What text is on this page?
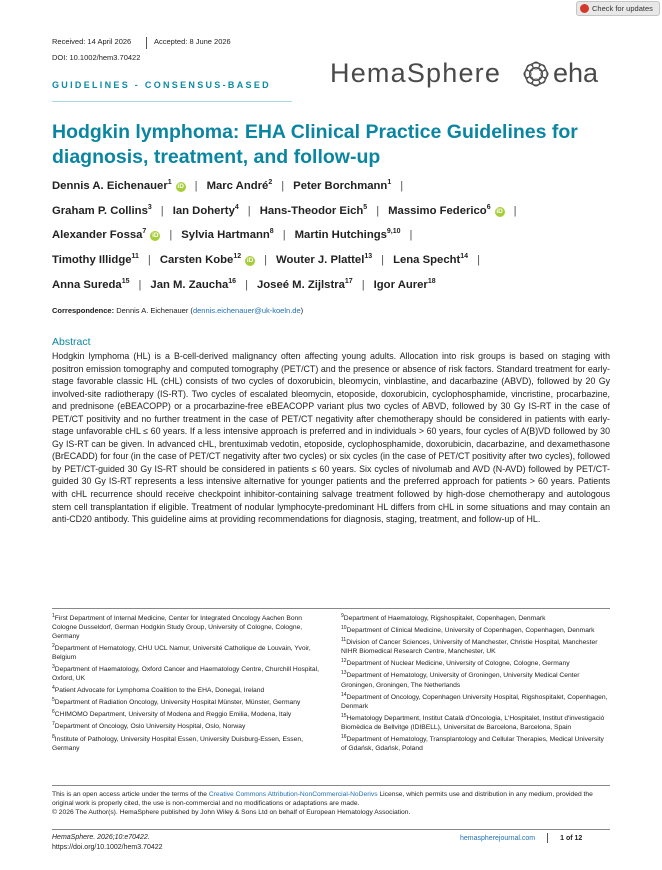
Check for updates
Received: 14 April 2026	Accepted: 8 June 2026
DOI: 10.1002/hem3.70422
GUIDELINES - CONSENSUS-BASED HemaSphere eha
Hodgkin lymphoma: EHA Clinical Practice Guidelines for diagnosis, treatment, and follow-up
Dennis A. Eichenauer$^1$iD | Marc André$^2$ | Peter Borchmann$^1$ |
Graham P. Collins$^3$ | Ian Doherty$^4$ | Hans-Theodor Eich$^5$ | Massimo Federico$^6$iD |
Alexander Fossa$^7$iD | Sylvia Hartmann$^8$ | Martin Hutchings$^{9,10}$ |
Timothy Illidge$^{11}$ | Carsten Kobe$^{12}$iD | Wouter J. Plattel$^{13}$ | Lena Specht$^{14}$ |
Anna Sureda$^{15}$ | Jan M. Zaucha$^{16}$ | Joseé M. Zijlstra$^{17}$ | Igor Aurer$^{18}$
Correspondence: Dennis A. Eichenauer (dennis.eichenauer@uk-koeln.de)
Abstract

Hodgkin lymphoma (HL) is a B-cell-derived malignancy often affecting young adults. Allocation into risk groups is based on staging with positron emission tomography and computed tomography (PET/CT) and the presence or absence of risk factors. Standard treatment for early-stage favorable classic HL (cHL) consists of two cycles of doxorubicin, bleomycin, vinblastine, and dacarbazine (ABVD), followed by 20 Gy involved-site radiotherapy (IS-RT). Two cycles of escalated bleomycin, etoposide, doxorubicin, cyclophosphamide, vincristine, procarbazine, and prednisone (eBEACOPP) or a procarbazine-free eBEACOPP variant plus two cycles of ABVD, followed by 30 Gy IS-RT in the case of PET/CT positivity and no further treatment in the case of PET/CT negativity after chemotherapy should be considered in patients with early-stage unfavorable cHL ≤ 60 years. If a less intensive approach is preferred and in individuals > 60 years, four cycles of A(B)VD followed by 30 Gy IS-RT can be given. In advanced cHL, brentuximab vedotin, etoposide, cyclophosphamide, doxorubicin, dacarbazine, and dexamethasone (BrECADD) for four (in the case of PET/CT negativity after two cycles) or six cycles (in the case of PET/CT positivity after two cycles), followed by PET/CT-guided 30 Gy IS-RT should be considered in patients ≤ 60 years. Six cycles of nivolumab and AVD (N-AVD) followed by PET/CT-guided 30 Gy IS-RT represents a less intensive alternative for younger patients and the preferred approach for patients > 60 years. Patients with cHL recurrence should receive checkpoint inhibitor-containing salvage treatment followed by high-dose chemotherapy and autologous stem cell transplantation if eligible. Treatment of nodular lymphocyte-predominant HL differs from cHL in some situations and may contain an anti-CD20 antibody. This guideline aims at providing recommendations for diagnosis, staging, treatment, and follow-up of HL.

$^1$First Department of Internal Medicine, Center for Integrated Oncology Aachen Bonn Cologne Dusseldorf, German Hodgkin Study Group, University of Cologne, Cologne, Germany
$^2$Department of Hematology, CHU UCL Namur, Université Catholique de Louvain, Yvoir, Belgium
$^3$Department of Haematology, Oxford Cancer and Haematology Centre, Churchill Hospital, Oxford, UK
$^4$Patient Advocate for Lymphoma Coalition to the EHA, Donegal, Ireland
$^5$Department of Radiation Oncology, University Hospital Münster, Münster, Germany
$^6$CHIMOMO Department, University of Modena and Reggio Emilia, Modena, Italy
$^7$Department of Oncology, Oslo University Hospital, Oslo, Norway
$^8$Institute of Pathology, University Hospital Essen, University Duisburg-Essen, Essen, Germany
$^9$Department of Haematology, Rigshospitalet, Copenhagen, Denmark
$^{10}$Department of Clinical Medicine, University of Copenhagen, Copenhagen, Denmark
$^{11}$Division of Cancer Sciences, University of Manchester, Christie Hospital, Manchester NIHR Biomedical Research Centre, Manchester, UK
$^{12}$Department of Nuclear Medicine, University of Cologne, Cologne, Germany
$^{13}$Department of Hematology, University of Groningen, University Medical Center Groningen, Groningen, The Netherlands
$^{14}$Department of Oncology, Copenhagen University Hospital, Rigshospitalet, Copenhagen, Denmark
$^{15}$Hematology Department, Institut Català d'Oncologia, L'Hospitalet, Institut d'investigació Biomèdica de Bellvitge (IDIBELL), Universitat de Barcelona, Barcelona, Spain
$^{16}$Department of Hematology, Transplantology and Cellular Therapies, Medical University of Gdańsk, Gdańsk, Poland
This is an open access article under the terms of the Creative Commons Attribution-NonCommercial-NoDerivs License, which permits use and distribution in any medium, provided the original work is properly cited, the use is non-commercial and no modifications or adaptations are made.
© 2026 The Author(s). HemaSphere published by John Wiley & Sons Ltd on behalf of European Hematology Association.
HemaSphere. 2026;10:e70422.
https://doi.org/10.1002/hem3.70422
hemaspherejournal.com	1 of 12
